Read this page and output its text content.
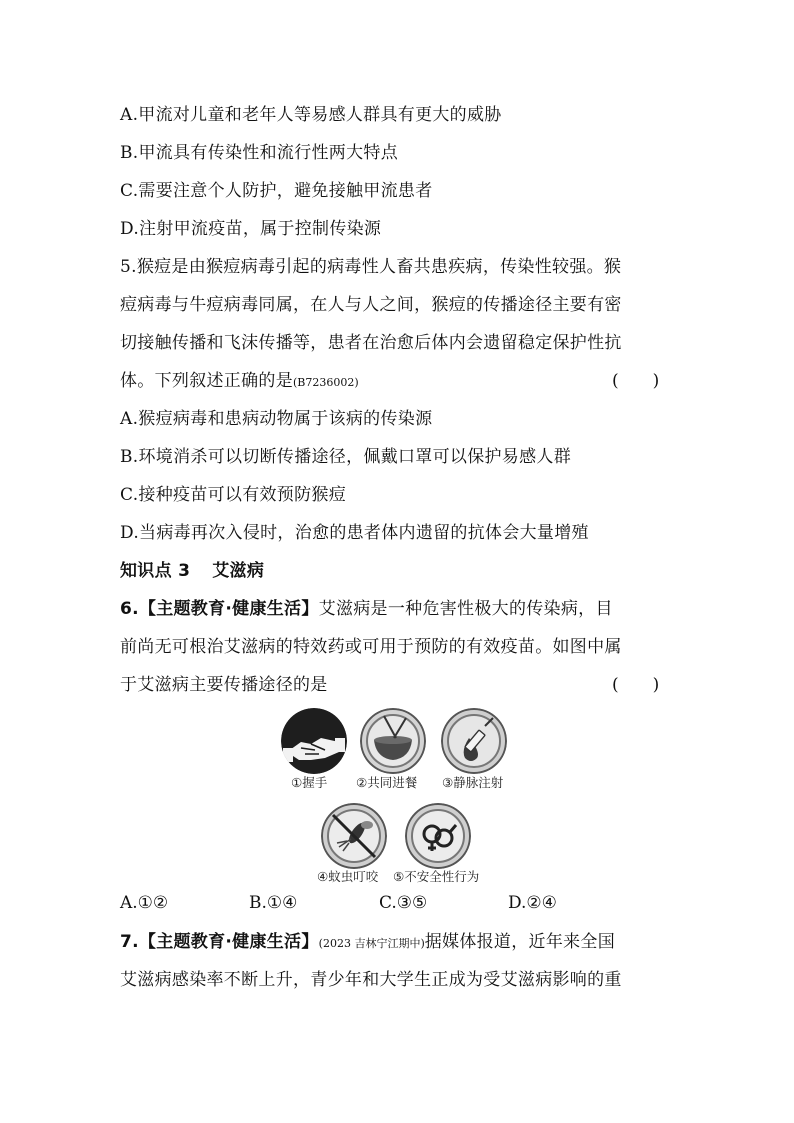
A.甲流对儿童和老年人等易感人群具有更大的威胁
B.甲流具有传染性和流行性两大特点
C.需要注意个人防护，避免接触甲流患者
D.注射甲流疫苗，属于控制传染源
5.猴痘是由猴痘病毒引起的病毒性人畜共患疾病，传染性较强。猴
痘病毒与牛痘病毒同属，在人与人之间，猴痘的传播途径主要有密
切接触传播和飞沫传播等，患者在治愈后体内会遗留稳定保护性抗
体。下列叙述正确的是(B7236002)	(　　)
A.猴痘病毒和患病动物属于该病的传染源
B.环境消杀可以切断传播途径，佩戴口罩可以保护易感人群
C.接种疫苗可以有效预防猴痘
D.当病毒再次入侵时，治愈的患者体内遗留的抗体会大量增殖
知识点 3 艾滋病
6.【主题教育·健康生活】艾滋病是一种危害性极大的传染病，目
前尚无可根治艾滋病的特效药或可用于预防的有效疫苗。如图中属
于艾滋病主要传播途径的是	(　　)
①握手 ②共同进餐 ③静脉注射
④蚊虫叮咬 ⑤不安全性行为
A.①②	B.①④	C.③⑤	D.②④
7.【主题教育·健康生活】(2023 吉林宁江期中)据媒体报道，近年来全国
艾滋病感染率不断上升，青少年和大学生正成为受艾滋病影响的重
